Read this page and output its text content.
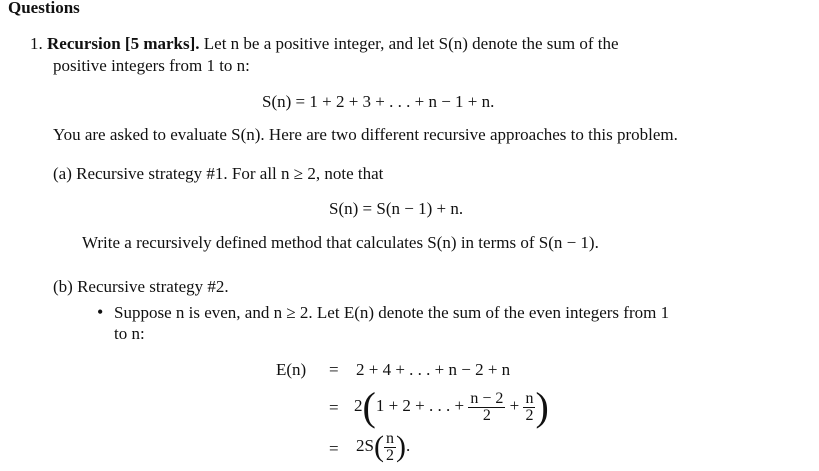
Questions
1. Recursion [5 marks]. Let n be a positive integer, and let S(n) denote the sum of the
positive integers from 1 to n:
S(n) = 1 + 2 + 3 + . . . + n − 1 + n.
You are asked to evaluate S(n). Here are two different recursive approaches to this problem.
(a) Recursive strategy #1. For all n ≥ 2, note that
S(n) = S(n − 1) + n.
Write a recursively defined method that calculates S(n) in terms of S(n − 1).
(b) Recursive strategy #2.
• Suppose n is even, and n ≥ 2. Let E(n) denote the sum of the even integers from 1
to n:
E(n) = 2 + 4 + . . . + n − 2 + n
= 2(1 + 2 + . . . + $\frac{n - 2}{2} + \frac{n}{2}$ )
= $2S( \frac{n}{2}$ ).
